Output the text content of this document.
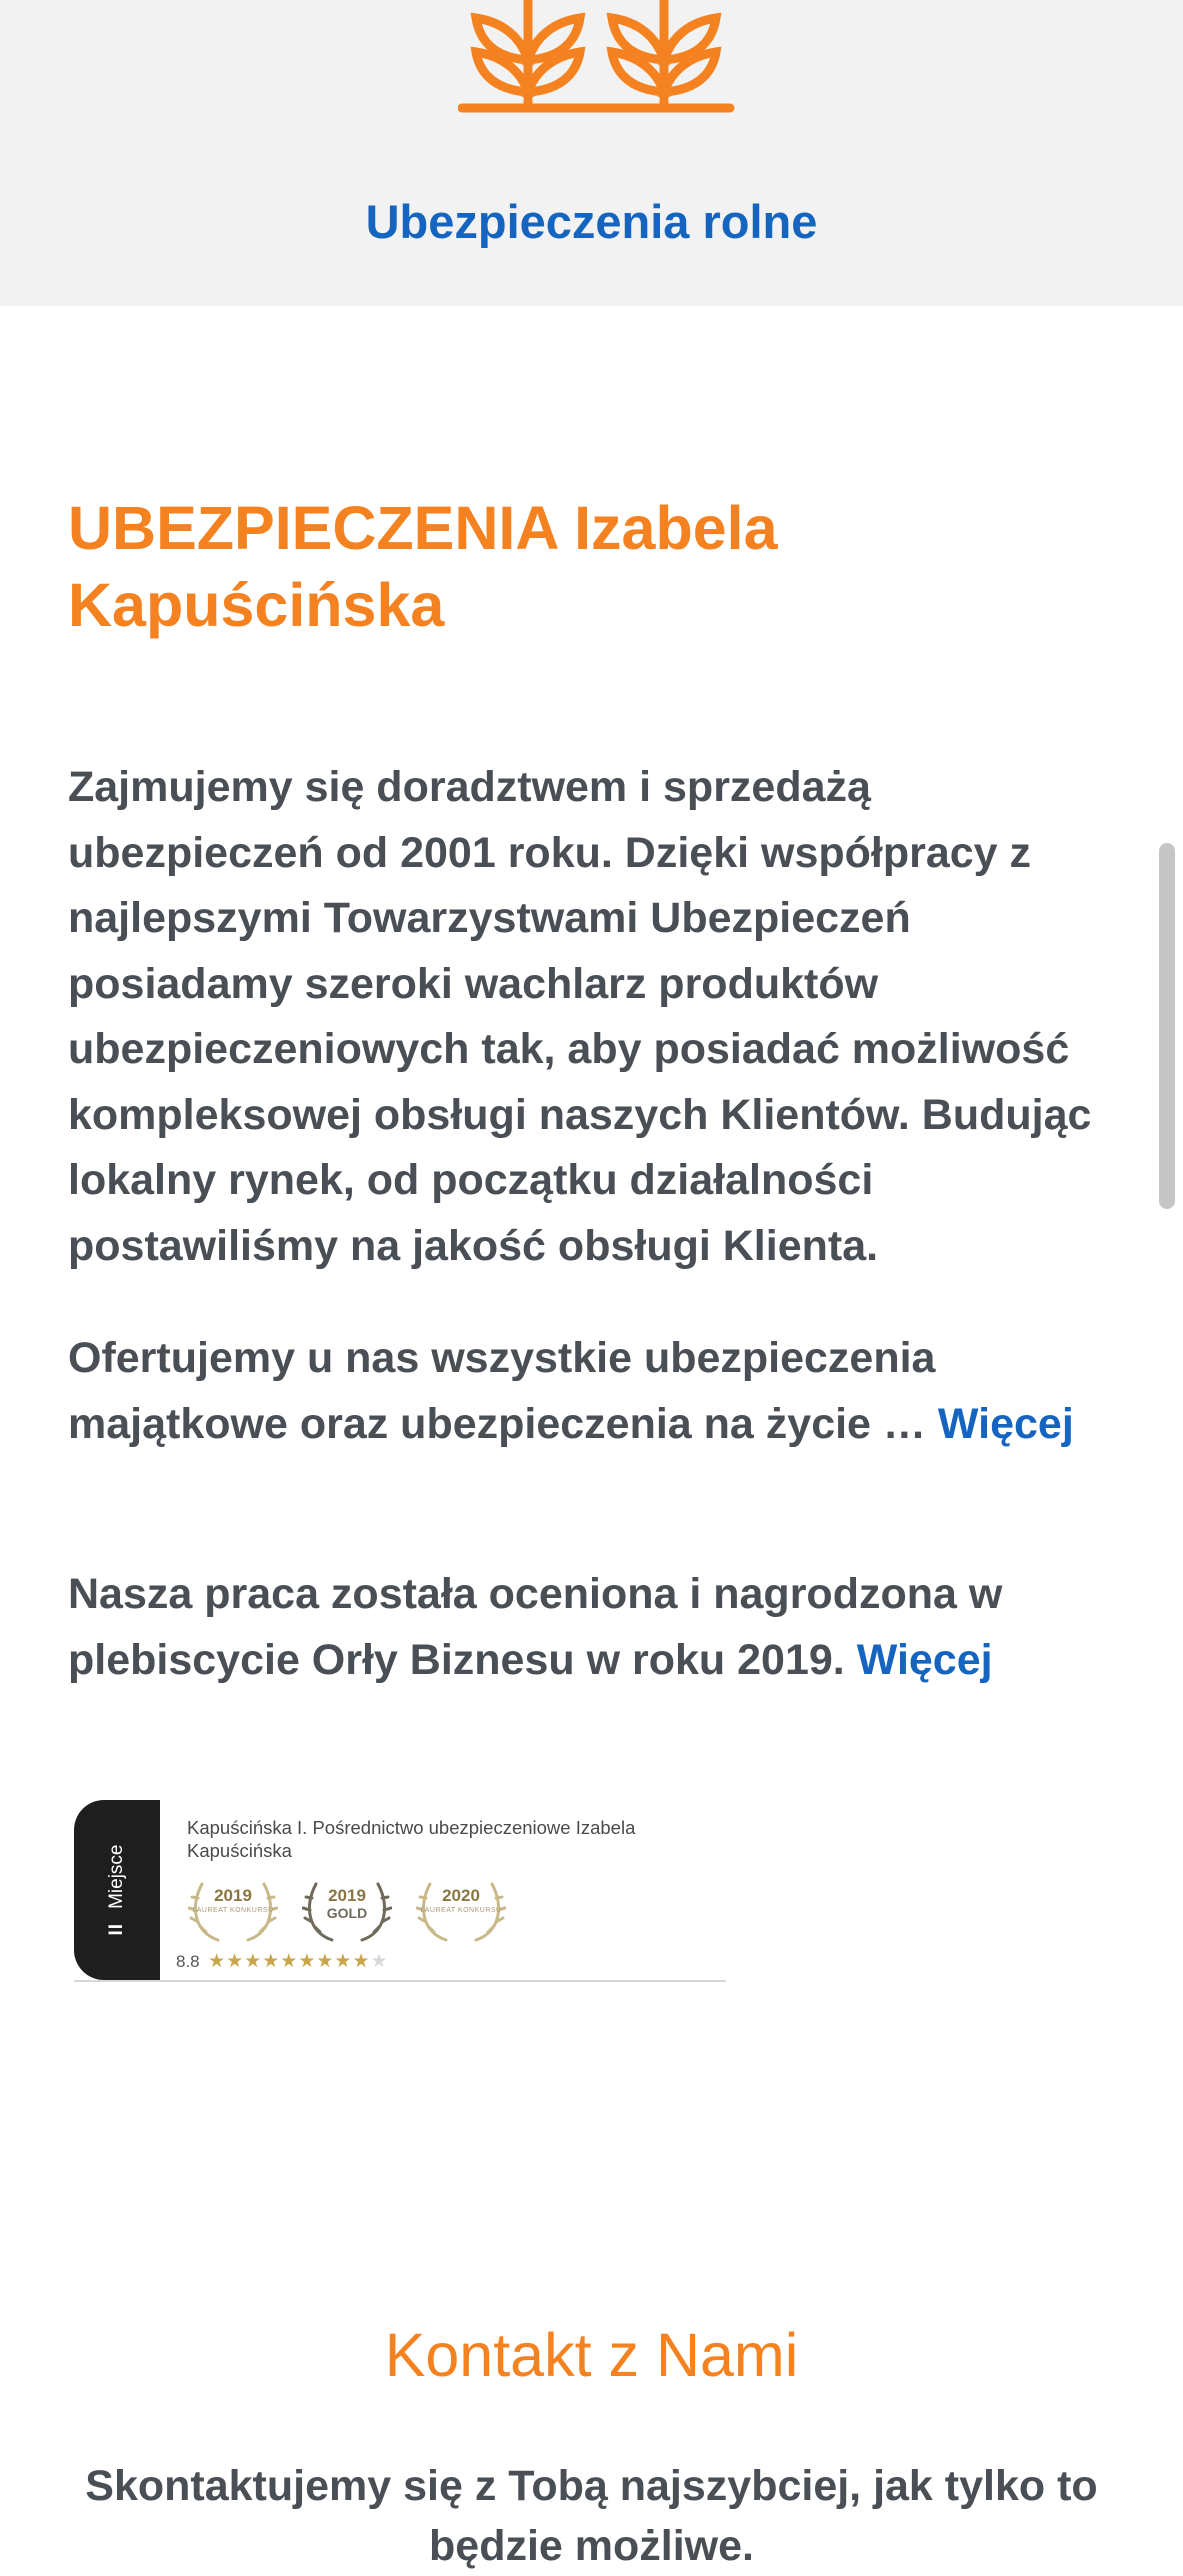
Ubezpieczenia rolne
UBEZPIECZENIA Izabela Kapuścińska

Zajmujemy się doradztwem i sprzedażą ubezpieczeń od 2001 roku. Dzięki współpracy z najlepszymi Towarzystwami Ubezpieczeń posiadamy szeroki wachlarz produktów ubezpieczeniowych tak, aby posiadać możliwość kompleksowej obsługi naszych Klientów. Budując lokalny rynek, od początku działalności postawiliśmy na jakość obsługi Klienta.

Ofertujemy u nas wszystkie ubezpieczenia majątkowe oraz ubezpieczenia na życie … Więcej

Nasza praca została oceniona i nagrodzona w plebiscycie Orły Biznesu w roku 2019. Więcej

IIMiejsce
Kapuścińska I. Pośrednictwo ubezpieczeniowe Izabela Kapuścińska
2019
LAUREAT KONKURSU
2019
GOLD
2020
LAUREAT KONKURSU
8.8 ★★★★★★★★★★
Kontakt z Nami

Skontaktujemy się z Tobą najszybciej, jak tylko to będzie możliwe.
